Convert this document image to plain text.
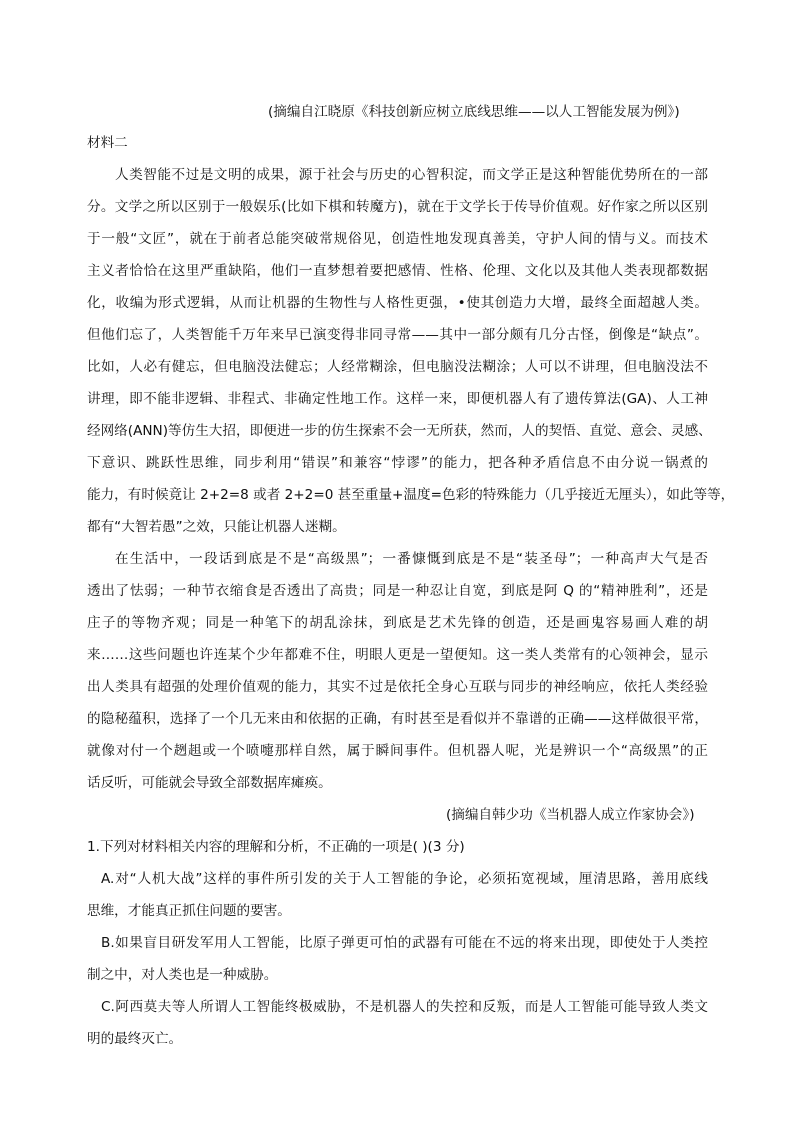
(摘编自江晓原《科技创新应树立底线思维——以人工智能发展为例》)
材料二
人类智能不过是文明的成果，源于社会与历史的心智积淀，而文学正是这种智能优势所在的一部
分。文学之所以区别于一般娱乐(比如下棋和转魔方)，就在于文学长于传导价值观。好作家之所以区别
于一般“文匠”，就在于前者总能突破常规俗见，创造性地发现真善美，守护人间的情与义。而技术
主义者恰恰在这里严重缺陷，他们一直梦想着要把感情、性格、伦理、文化以及其他人类表现都数据
化，收编为形式逻辑，从而让机器的生物性与人格性更强，•使其创造力大增，最终全面超越人类。
但他们忘了，人类智能千万年来早已演变得非同寻常——其中一部分颇有几分古怪，倒像是“缺点”。
比如，人必有健忘，但电脑没法健忘；人经常糊涂，但电脑没法糊涂；人可以不讲理，但电脑没法不
讲理，即不能非逻辑、非程式、非确定性地工作。这样一来，即便机器人有了遗传算法(GA)、人工神
经网络(ANN)等仿生大招，即便进一步的仿生探索不会一无所获，然而，人的契悟、直觉、意会、灵感、
下意识、跳跃性思维，同步利用“错误”和兼容“悖谬”的能力，把各种矛盾信息不由分说一锅煮的
能力，有时候竟让 2+2=8 或者 2+2=0 甚至重量+温度=色彩的特殊能力（几乎接近无厘头），如此等等，
都有“大智若愚”之效，只能让机器人迷糊。
在生活中，一段话到底是不是“高级黑”；一番慷慨到底是不是“装圣母”；一种高声大气是否
透出了怯弱；一种节衣缩食是否透出了高贵；同是一种忍让自宽，到底是阿 Q 的“精神胜利”，还是
庄子的等物齐观；同是一种笔下的胡乱涂抹，到底是艺术先锋的创造，还是画鬼容易画人难的胡
来……这些问题也许连某个少年都难不住，明眼人更是一望便知。这一类人类常有的心领神会，显示
出人类具有超强的处理价值观的能力，其实不过是依托全身心互联与同步的神经响应，依托人类经验
的隐秘蕴积，选择了一个几无来由和依据的正确，有时甚至是看似并不靠谱的正确——这样做很平常，
就像对付一个趔趄或一个喷嚏那样自然，属于瞬间事件。但机器人呢，光是辨识一个“高级黑”的正
话反听，可能就会导致全部数据库瘫痪。
(摘编自韩少功《当机器人成立作家协会》)
1.下列对材料相关内容的理解和分析，不正确的一项是( )(3 分)
A.对“人机大战”这样的事件所引发的关于人工智能的争论，必须拓宽视域，厘清思路，善用底线
思维，才能真正抓住问题的要害。
B.如果盲目研发军用人工智能，比原子弹更可怕的武器有可能在不远的将来出现，即使处于人类控
制之中，对人类也是一种威胁。
C.阿西莫夫等人所谓人工智能终极威胁，不是机器人的失控和反叛，而是人工智能可能导致人类文
明的最终灭亡。
